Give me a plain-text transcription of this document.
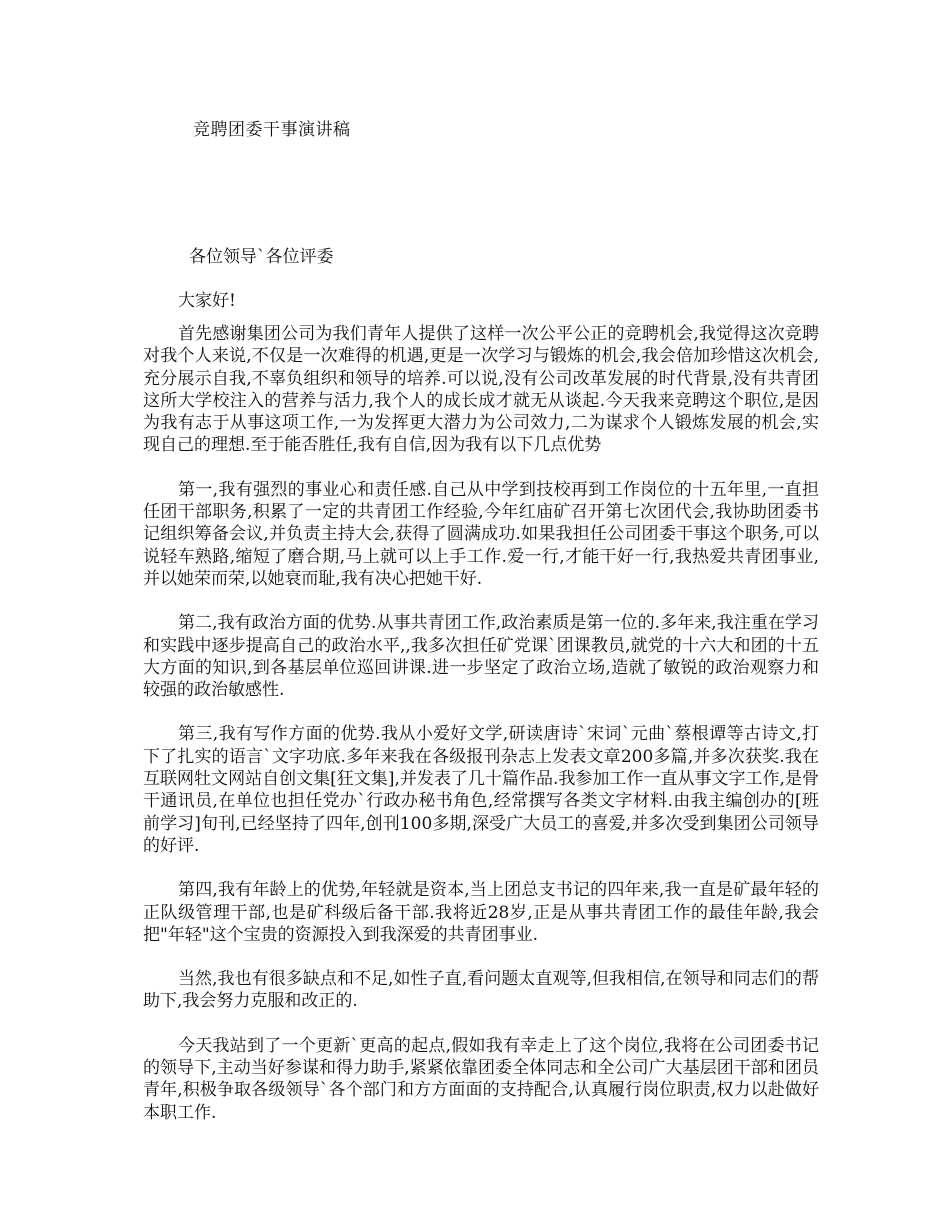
竞聘团委干事演讲稿
各位领导`各位评委
大家好!

首先感谢集团公司为我们青年人提供了这样一次公平公正的竞聘机会,我觉得这次竞聘对我个人来说,不仅是一次难得的机遇,更是一次学习与锻炼的机会,我会倍加珍惜这次机会,充分展示自我,不辜负组织和领导的培养.可以说,没有公司改革发展的时代背景,没有共青团这所大学校注入的营养与活力,我个人的成长成才就无从谈起.今天我来竞聘这个职位,是因为我有志于从事这项工作,一为发挥更大潜力为公司效力,二为谋求个人锻炼发展的机会,实现自己的理想.至于能否胜任,我有自信,因为我有以下几点优势

第一,我有强烈的事业心和责任感.自己从中学到技校再到工作岗位的十五年里,一直担任团干部职务,积累了一定的共青团工作经验,今年红庙矿召开第七次团代会,我协助团委书记组织筹备会议,并负责主持大会,获得了圆满成功.如果我担任公司团委干事这个职务,可以说轻车熟路,缩短了磨合期,马上就可以上手工作.爱一行,才能干好一行,我热爱共青团事业,并以她荣而荣,以她衰而耻,我有决心把她干好.

第二,我有政治方面的优势.从事共青团工作,政治素质是第一位的.多年来,我注重在学习和实践中逐步提高自己的政治水平,,我多次担任矿党课`团课教员,就党的十六大和团的十五大方面的知识,到各基层单位巡回讲课.进一步坚定了政治立场,造就了敏锐的政治观察力和较强的政治敏感性.

第三,我有写作方面的优势.我从小爱好文学,研读唐诗`宋词`元曲`蔡根谭等古诗文,打下了扎实的语言`文字功底.多年来我在各级报刊杂志上发表文章200多篇,并多次获奖.我在互联网牡文网站自创文集[狂文集],并发表了几十篇作品.我参加工作一直从事文字工作,是骨干通讯员,在单位也担任党办`行政办秘书角色,经常撰写各类文字材料.由我主编创办的[班前学习]旬刊,已经坚持了四年,创刊100多期,深受广大员工的喜爱,并多次受到集团公司领导的好评.

第四,我有年龄上的优势,年轻就是资本,当上团总支书记的四年来,我一直是矿最年轻的正队级管理干部,也是矿科级后备干部.我将近28岁,正是从事共青团工作的最佳年龄,我会把"年轻"这个宝贵的资源投入到我深爱的共青团事业.

当然,我也有很多缺点和不足,如性子直,看问题太直观等,但我相信,在领导和同志们的帮助下,我会努力克服和改正的.

今天我站到了一个更新`更高的起点,假如我有幸走上了这个岗位,我将在公司团委书记的领导下,主动当好参谋和得力助手,紧紧依靠团委全体同志和全公司广大基层团干部和团员青年,积极争取各级领导`各个部门和方方面面的支持配合,认真履行岗位职责,权力以赴做好本职工作.
